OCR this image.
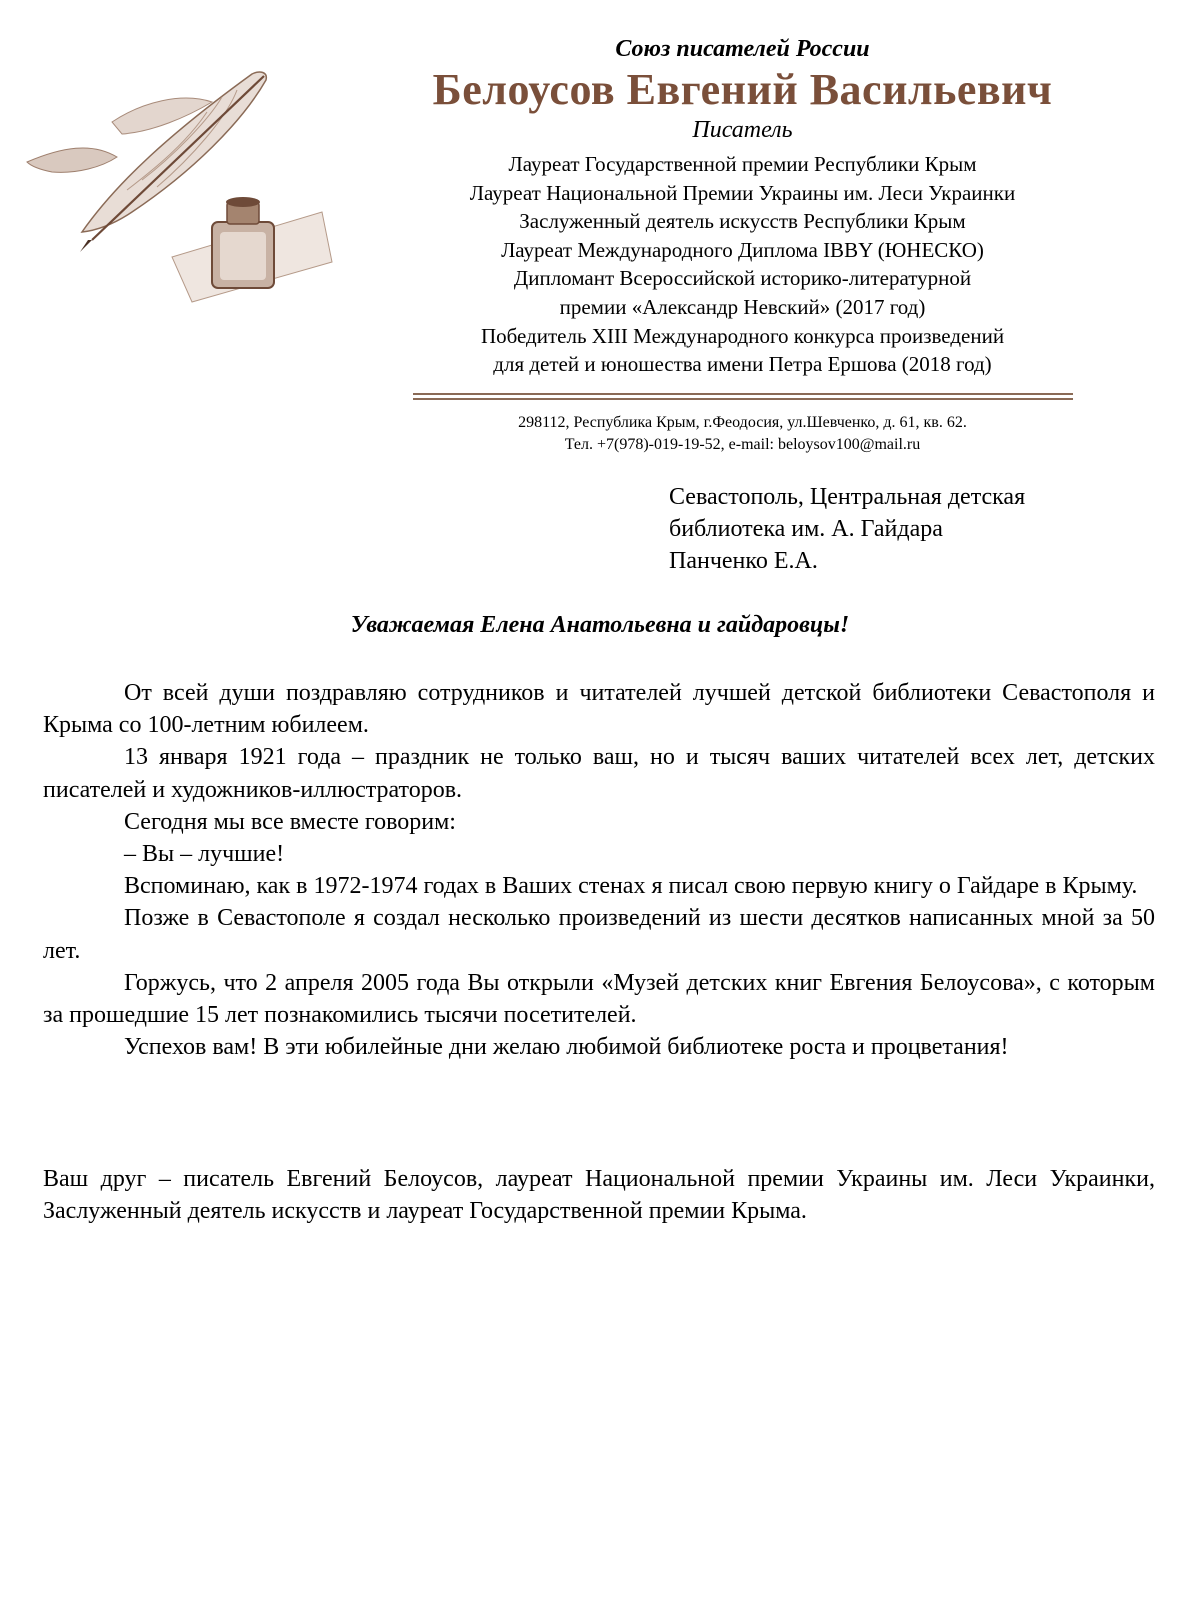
Союз писателей России
Белоусов Евгений Васильевич
Писатель
Лауреат Государственной премии Республики Крым
Лауреат Национальной Премии Украины им. Леси Украинки
Заслуженный деятель искусств Республики Крым
Лауреат Международного Диплома IBBY (ЮНЕСКО)
Дипломант Всероссийской историко-литературной
премии «Александр Невский» (2017 год)
Победитель XIII Международного конкурса произведений
для детей и юношества имени Петра Ершова (2018 год)
298112, Республика Крым, г.Феодосия, ул.Шевченко, д. 61, кв. 62.
Тел. +7(978)-019-19-52, e-mail: beloysov100@mail.ru
Севастополь, Центральная детская
библиотека им. А. Гайдара
Панченко Е.А.
Уважаемая Елена Анатольевна и гайдаровцы!

От всей души поздравляю сотрудников и читателей лучшей детской библиотеки Севастополя и Крыма со 100-летним юбилеем.

13 января 1921 года – праздник не только ваш, но и тысяч ваших читателей всех лет, детских писателей и художников-иллюстраторов.

Сегодня мы все вместе говорим:

– Вы – лучшие!

Вспоминаю, как в 1972-1974 годах в Ваших стенах я писал свою первую книгу о Гайдаре в Крыму.

Позже в Севастополе я создал несколько произведений из шести десятков написанных мной за 50 лет.

Горжусь, что 2 апреля 2005 года Вы открыли «Музей детских книг Евгения Белоусова», с которым за прошедшие 15 лет познакомились тысячи посетителей.

Успехов вам! В эти юбилейные дни желаю любимой библиотеке роста и процветания!

Ваш друг – писатель Евгений Белоусов, лауреат Национальной премии Украины им. Леси Украинки, Заслуженный деятель искусств и лауреат Государственной премии Крыма.
